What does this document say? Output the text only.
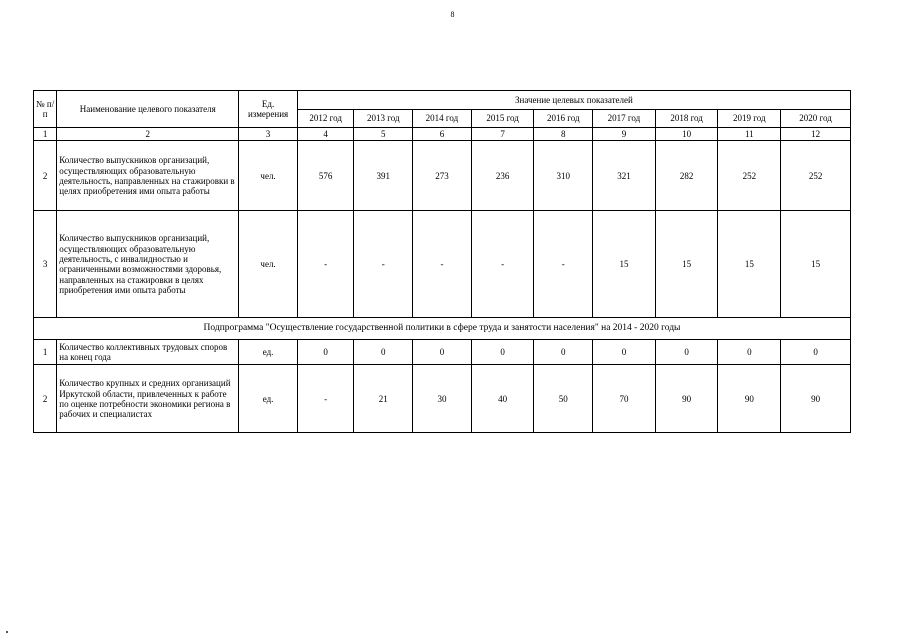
8
№ п/п	Наименование целевого показателя	Ед. измерения	Значение целевых показателей								
			2012 год	2013 год	2014 год	2015 год	2016 год	2017 год	2018 год	2019 год	2020 год
1	2	3	4	5	6	7	8	9	10	11	12
2	Количество выпускников организаций, осуществляющих образовательную деятельность, направленных на стажировки в целях приобретения ими опыта работы	чел.	576	391	273	236	310	321	282	252	252
3	Количество выпускников организаций, осуществляющих образовательную деятельность, с инвалидностью и ограниченными возможностями здоровья, направленных на стажировки в целях приобретения ими опыта работы	чел.	-	-	-	-	-	15	15	15	15
Подпрограмма "Осуществление государственной политики в сфере труда и занятости населения" на 2014 - 2020 годы											
1	Количество коллективных трудовых споров на конец года	ед.	0	0	0	0	0	0	0	0	0
2	Количество крупных и средних организаций Иркутской области, привлеченных к работе по оценке потребности экономики региона в рабочих и специалистах	ед.	-	21	30	40	50	70	90	90	90
